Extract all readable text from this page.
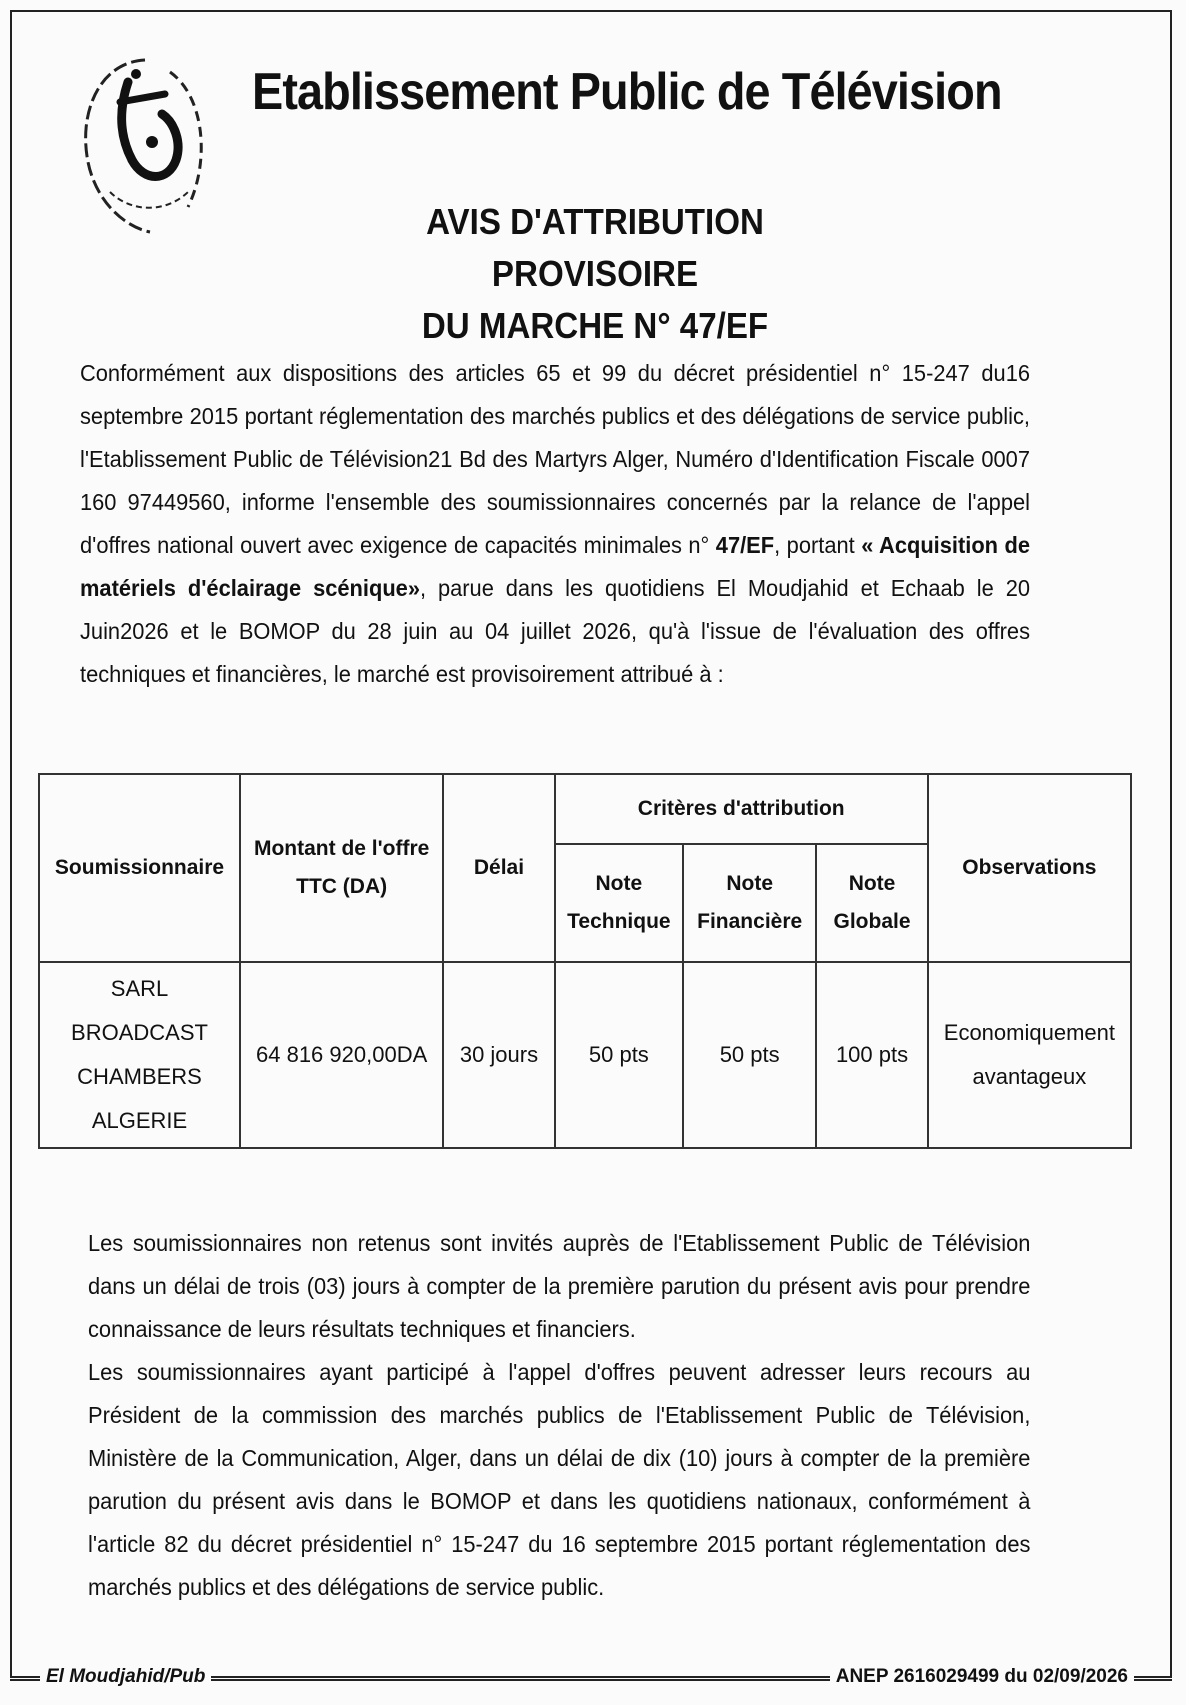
Etablissement Public de Télévision
AVIS D'ATTRIBUTION PROVISOIRE
DU MARCHE N° 47/EF
Conformément aux dispositions des articles 65 et 99 du décret présidentiel n° 15-247 du16 septembre 2015 portant réglementation des marchés publics et des délégations de service public, l'Etablissement Public de Télévision21 Bd des Martyrs Alger, Numéro d'Identification Fiscale 0007 160 97449560, informe l'ensemble des soumissionnaires concernés par la relance de l'appel d'offres national ouvert avec exigence de capacités minimales n° 47/EF, portant « Acquisition de matériels d'éclairage scénique», parue dans les quotidiens El Moudjahid et Echaab le 20 Juin2026 et le BOMOP du 28 juin au 04 juillet 2026, qu'à l'issue de l'évaluation des offres techniques et financières, le marché est provisoirement attribué à :
Soumissionnaire	Montant de l'offre TTC (DA)	Délai	Critères d'attribution			Observations
			Note Technique	Note Financière	Note Globale	
SARL BROADCAST CHAMBERS ALGERIE	64 816 920,00DA	30 jours	50 pts	50 pts	100 pts	Economiquement avantageux

Les soumissionnaires non retenus sont invités auprès de l'Etablissement Public de Télévision dans un délai de trois (03) jours à compter de la première parution du présent avis pour prendre connaissance de leurs résultats techniques et financiers.

Les soumissionnaires ayant participé à l'appel d'offres peuvent adresser leurs recours au Président de la commission des marchés publics de l'Etablissement Public de Télévision, Ministère de la Communication, Alger, dans un délai de dix (10) jours à compter de la première parution du présent avis dans le BOMOP et dans les quotidiens nationaux, conformément à l'article 82 du décret présidentiel n° 15-247 du 16 septembre 2015 portant réglementation des marchés publics et des délégations de service public.

El Moudjahid/Pub	ANEP 2616029499 du 02/09/2026
